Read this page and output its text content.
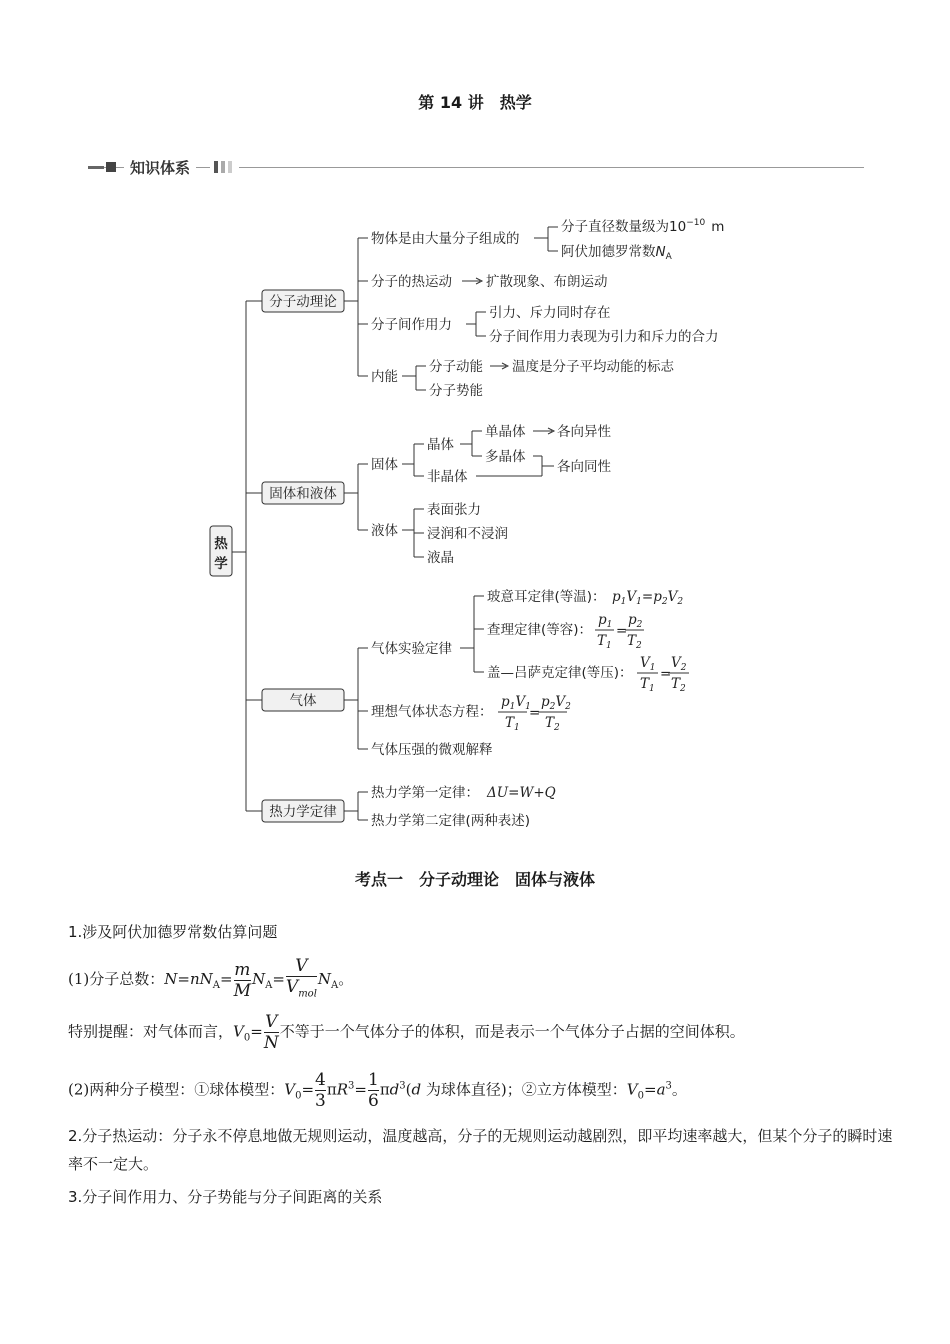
第 14 讲　热学
知识体系
热
学
分子动理论
固体和液体
气体
热力学定律
物体是由大量分子组成的
分子直径数量级为$10^{-10}$ m
阿伏加德罗常数$N_A$
分子的热运动	扩散现象、布朗运动
分子间作用力
引力、斥力同时存在
分子间作用力表现为引力和斥力的合力
内能
分子动能 温度是分子平均动能的标志
分子势能
固体
晶体
单晶体 各向异性
多晶体
非晶体
各向同性
液体
表面张力
浸润和不浸润
液晶
气体实验定律
玻意耳定律(等温)： $p_1V_1=p_2V_2$
查理定律(等容)：
$p_1$
$T_1$
=
$p_2$
$T_2$
盖—吕萨克定律(等压)：
$V_1$
$T_1$
=
$V_2$
$T_2$
理想气体状态方程：
$p_1V_1$
$T_1$
=
$p_2V_2$
$T_2$
气体压强的微观解释
热力学第一定律： ΔU=W+Q
热力学第二定律(两种表述)
考点一　分子动理论　固体与液体
1.涉及阿伏加德罗常数估算问题
(1)分子总数：$N=nN_A= \frac{m}{M} N_A= \frac{V}{V_{mol}} N_A$。
特别提醒：对气体而言，$V_0= \frac{V}{N}$ 不等于一个气体分子的体积，而是表示一个气体分子占据的空间体积。
(2)两种分子模型：①球体模型：$V_0= \frac{4}{3} \pi R^3= \frac{1}{6} \pi d^3(d$ 为球体直径)；②立方体模型：$V_0=a^3$。
2.分子热运动：分子永不停息地做无规则运动，温度越高，分子的无规则运动越剧烈，即平均速率越大，但某个分子的瞬时速率不一定大。
3.分子间作用力、分子势能与分子间距离的关系
